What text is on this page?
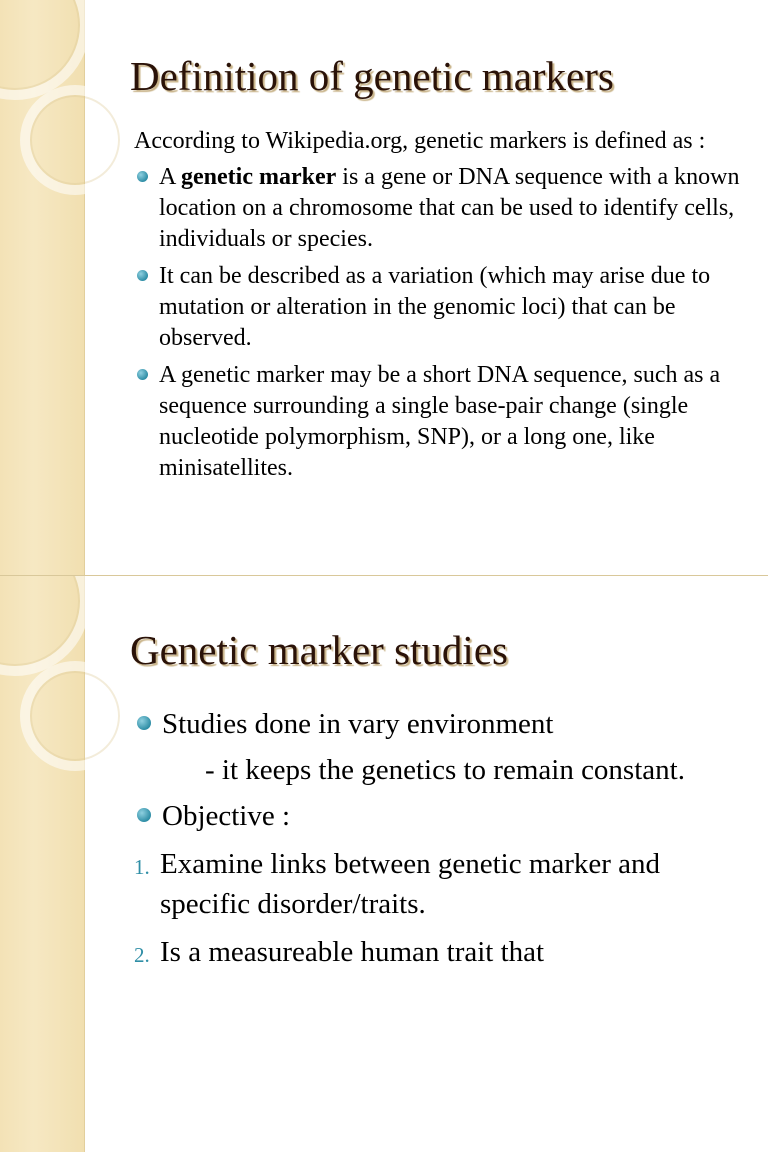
Definition of genetic markers
According to Wikipedia.org, genetic markers is defined as :
A genetic marker is a gene or DNA sequence with a known location on a chromosome that can be used to identify cells, individuals or species.
It can be described as a variation (which may arise due to mutation or alteration in the genomic loci) that can be observed.
A genetic marker may be a short DNA sequence, such as a sequence surrounding a single base-pair change (single nucleotide polymorphism, SNP), or a long one, like minisatellites.
Genetic marker studies
Studies done in vary environment
- it keeps the genetics to remain constant.
Objective :
1. Examine links between genetic marker and specific disorder/traits.
2. Is a measureable human trait that
